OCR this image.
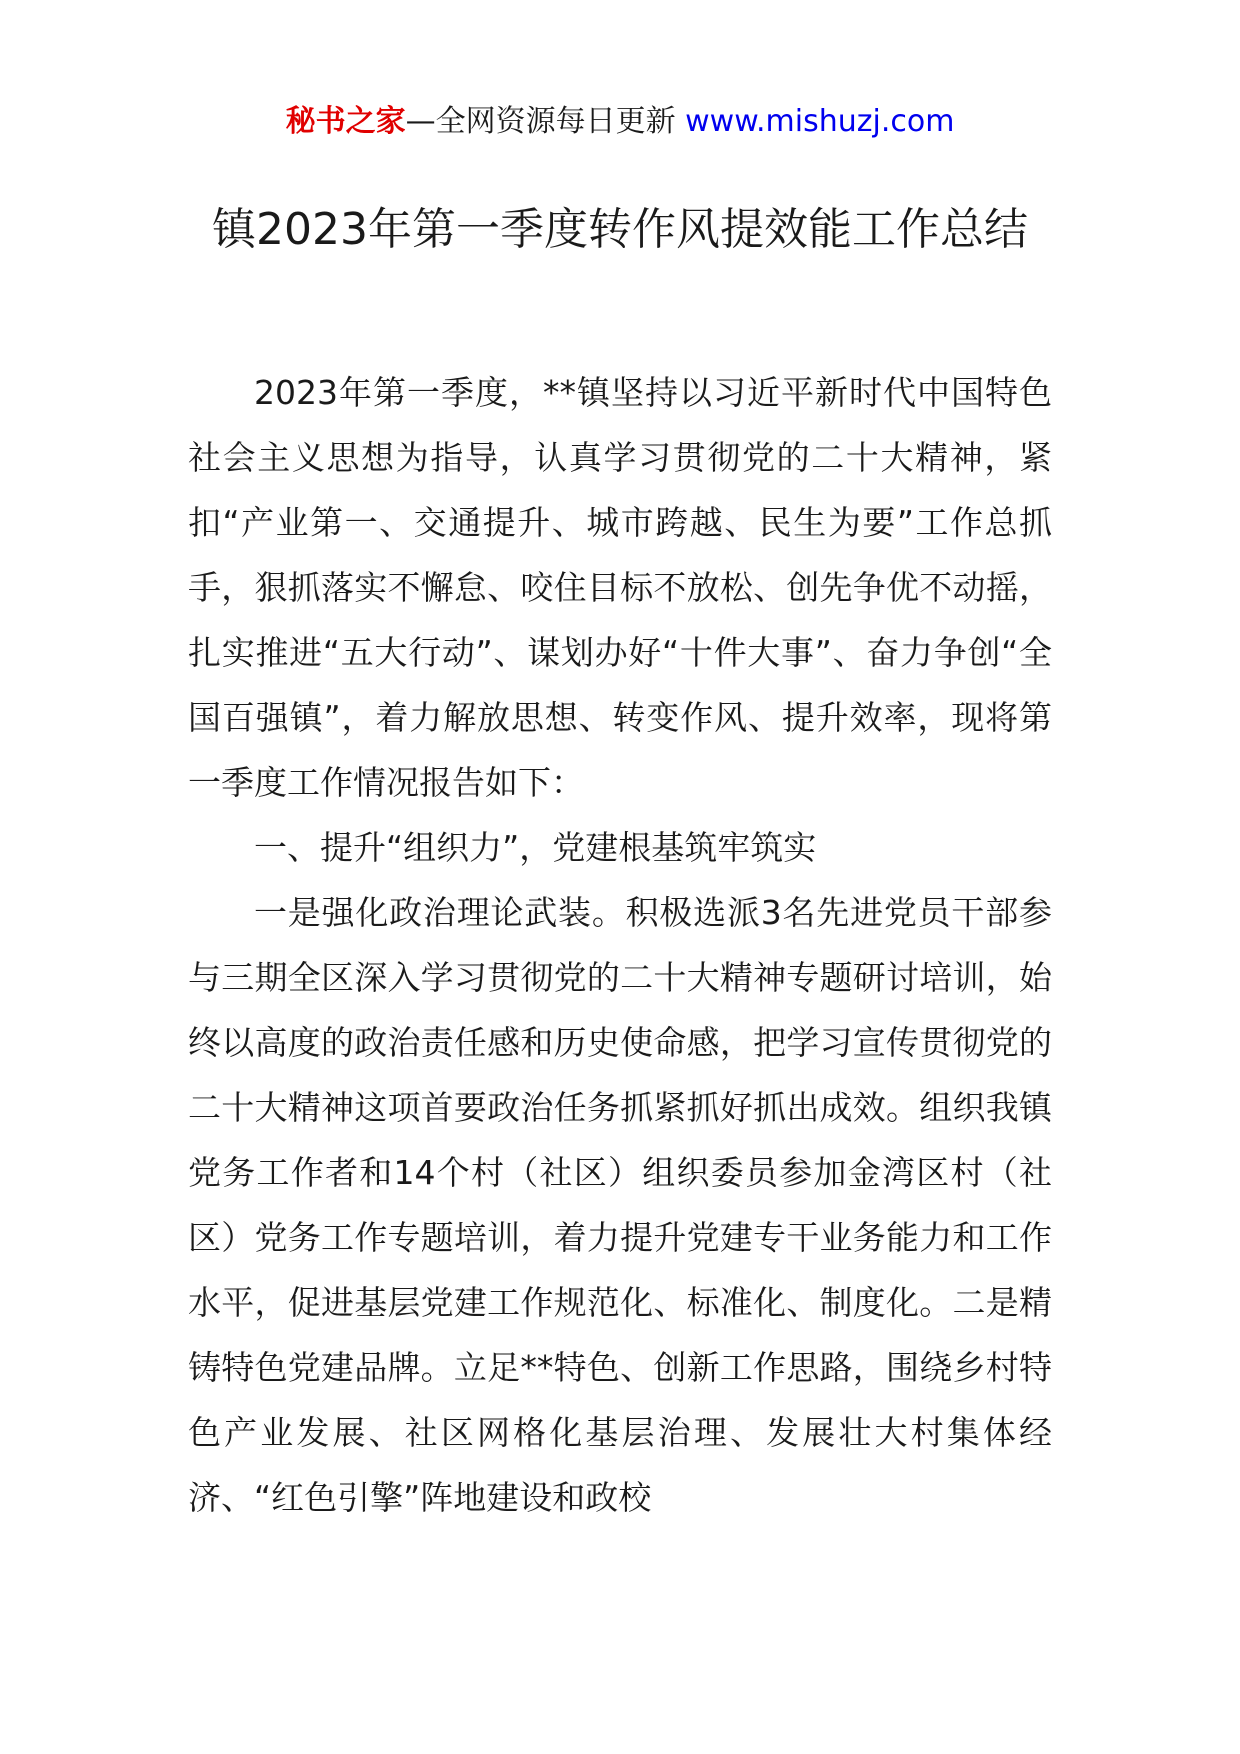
秘书之家—全网资源每日更新 www.mishuzj.com
镇2023年第一季度转作风提效能工作总结

2023年第一季度，**镇坚持以习近平新时代中国特色社会主义思想为指导，认真学习贯彻党的二十大精神，紧扣“产业第一、交通提升、城市跨越、民生为要”工作总抓手，狠抓落实不懈怠、咬住目标不放松、创先争优不动摇，扎实推进“五大行动”、谋划办好“十件大事”、奋力争创“全国百强镇”，着力解放思想、转变作风、提升效率，现将第一季度工作情况报告如下：

一、提升“组织力”，党建根基筑牢筑实

一是强化政治理论武装。积极选派3名先进党员干部参与三期全区深入学习贯彻党的二十大精神专题研讨培训，始终以高度的政治责任感和历史使命感，把学习宣传贯彻党的二十大精神这项首要政治任务抓紧抓好抓出成效。组织我镇党务工作者和14个村（社区）组织委员参加金湾区村（社区）党务工作专题培训，着力提升党建专干业务能力和工作水平，促进基层党建工作规范化、标准化、制度化。二是精铸特色党建品牌。立足**特色、创新工作思路，围绕乡村特色产业发展、社区网格化基层治理、发展壮大村集体经济、“红色引擎”阵地建设和政校
